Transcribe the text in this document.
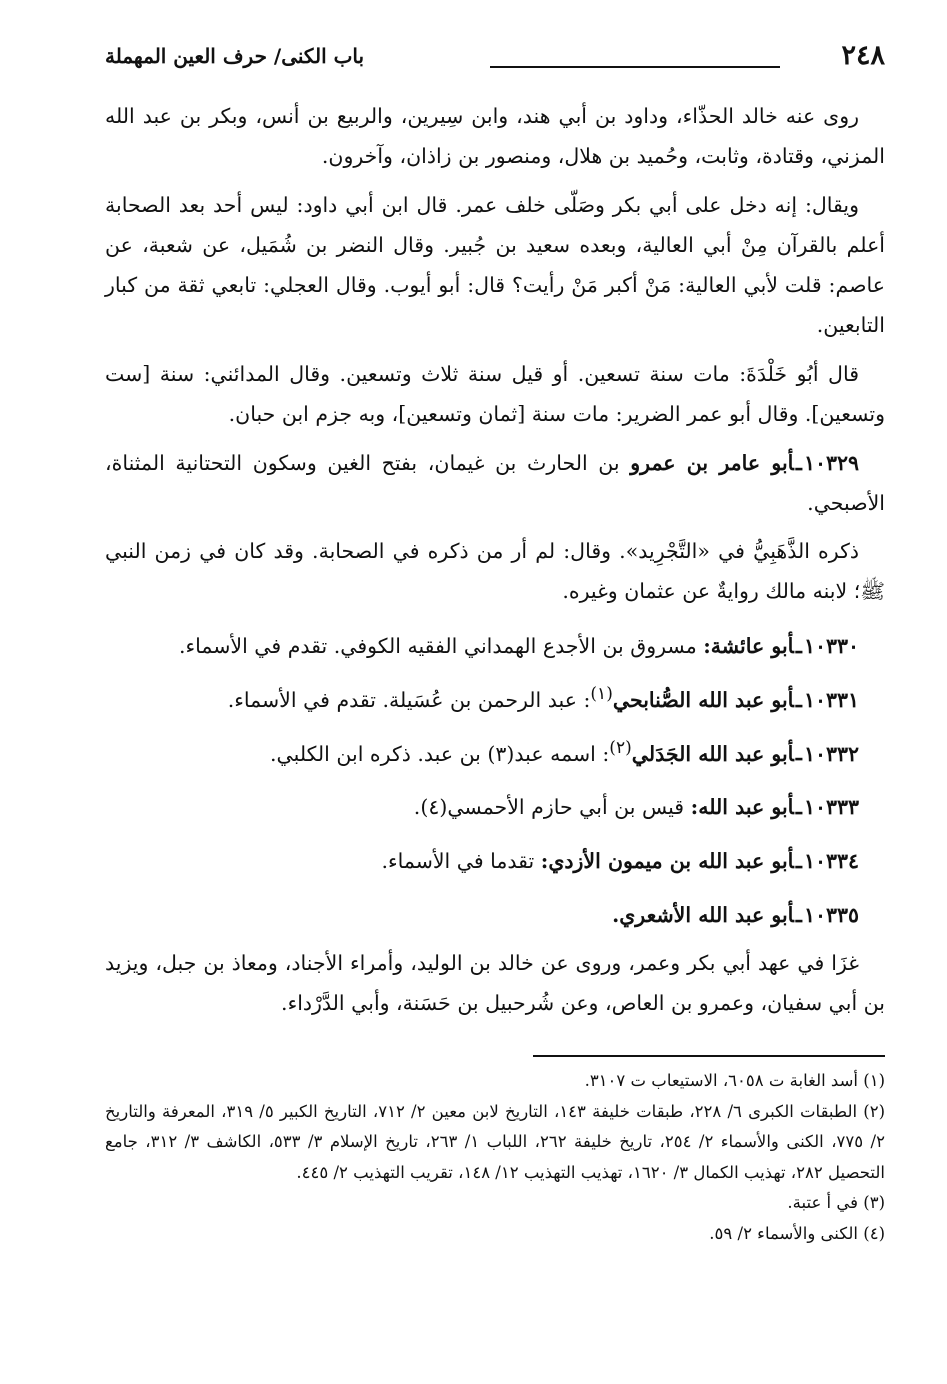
٢٤٨
باب الكنى/ حرف العين المهملة

روى عنه خالد الحذّاء، وداود بن أبي هند، وابن سِيرين، والربيع بن أنس، وبكر بن عبد الله المزني، وقتادة، وثابت، وحُميد بن هلال، ومنصور بن زاذان، وآخرون.

ويقال: إنه دخل على أبي بكر وصَلّى خلف عمر. قال ابن أبي داود: ليس أحد بعد الصحابة أعلم بالقرآن مِنْ أبي العالية، وبعده سعيد بن جُبير. وقال النضر بن شُمَيل، عن شعبة، عن عاصم: قلت لأبي العالية: مَنْ أكبر مَنْ رأيت؟ قال: أبو أيوب. وقال العجلي: تابعي ثقة من كبار التابعين.

قال أبُو خَلْدَةَ: مات سنة تسعين. أو قيل سنة ثلاث وتسعين. وقال المدائني: سنة [ست وتسعين]. وقال أبو عمر الضرير: مات سنة [ثمان وتسعين]، وبه جزم ابن حبان.

١٠٣٢٩ـأبو عامر بن عمرو بن الحارث بن غيمان، بفتح الغين وسكون التحتانية المثناة، الأصبحي.

ذكره الذَّهَبِيُّ في «التَّجْرِيد». وقال: لم أر من ذكره في الصحابة. وقد كان في زمن النبي ﷺ؛ لابنه مالك روايةٌ عن عثمان وغيره.

١٠٣٣٠ـأبو عائشة: مسروق بن الأجدع الهمداني الفقيه الكوفي. تقدم في الأسماء.

١٠٣٣١ـأبو عبد الله الصُّنابحي$^{(١)}$: عبد الرحمن بن عُسَيلة. تقدم في الأسماء.

١٠٣٣٢ـأبو عبد الله الجَدَلي$^{(٢)}$: اسمه عبد(٣) بن عبد. ذكره ابن الكلبي.

١٠٣٣٣ـأبو عبد الله: قيس بن أبي حازم الأحمسي(٤).

١٠٣٣٤ـأبو عبد الله بن ميمون الأزدي: تقدما في الأسماء.

١٠٣٣٥ـأبو عبد الله الأشعري.

غزَا في عهد أبي بكر وعمر، وروى عن خالد بن الوليد، وأمراء الأجناد، ومعاذ بن جبل، ويزيد بن أبي سفيان، وعمرو بن العاص، وعن شُرحبيل بن حَسَنة، وأبي الدَّرْداء.

(١) أسد الغابة ت ٦٠٥٨، الاستيعاب ت ٣١٠٧.

(٢) الطبقات الكبرى ٦/ ٢٢٨، طبقات خليفة ١٤٣، التاريخ لابن معين ٢/ ٧١٢، التاريخ الكبير ٥/ ٣١٩، المعرفة والتاريخ ٢/ ٧٧٥، الكنى والأسماء ٢/ ٢٥٤، تاريخ خليفة ٢٦٢، اللباب ١/ ٢٦٣، تاريخ الإسلام ٣/ ٥٣٣، الكاشف ٣/ ٣١٢، جامع التحصيل ٢٨٢، تهذيب الكمال ٣/ ١٦٢٠، تهذيب التهذيب ١٢/ ١٤٨، تقريب التهذيب ٢/ ٤٤٥.

(٣) في أ عتبة.

(٤) الكنى والأسماء ٢/ ٥٩.
